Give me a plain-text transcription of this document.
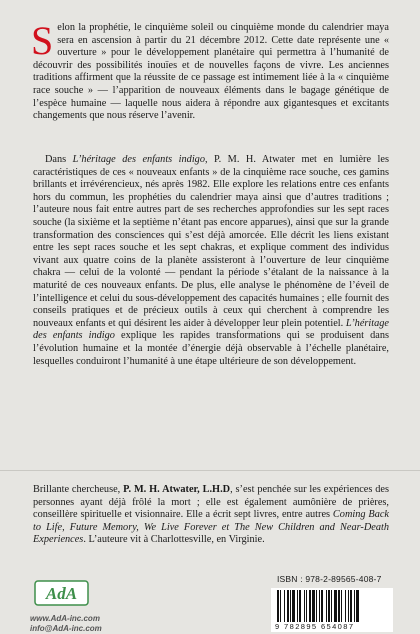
Selon la prophétie, le cinquième soleil ou cinquième monde du calendrier maya sera en ascension à partir du 21 décembre 2012. Cette date représente une « ouverture » pour le développement planétaire qui permettra à l’humanité de découvrir des possibilités inouïes et de nouvelles façons de vivre. Les anciennes traditions affirment que la réussite de ce passage est intimement liée à la « cinquième race souche » — l’apparition de nouveaux éléments dans le bagage génétique de l’espèce humaine — laquelle nous aidera à répondre aux gigantesques et excitants changements que nous réserve l’avenir.

Dans L’héritage des enfants indigo, P. M. H. Atwater met en lumière les caractéristiques de ces « nouveaux enfants » de la cinquième race souche, ces gamins brillants et irrévérencieux, nés après 1982. Elle explore les relations entre ces enfants hors du commun, les prophéties du calendrier maya ainsi que d’autres traditions ; l’auteure nous fait entre autres part de ses recherches approfondies sur les sept races souche (la sixième et la septième n’étant pas encore apparues), ainsi que sur la grande transformation des consciences qui s’est déjà amorcée. Elle décrit les liens existant entre les sept races souche et les sept chakras, et explique comment des individus vivant aux quatre coins de la planète assisteront à l’ouverture de leur cinquième chakra — celui de la volonté — pendant la période s’étalant de la naissance à la maturité de ces nouveaux enfants. De plus, elle analyse le phénomène de l’éveil de l’intelligence et celui du sous-développement des capacités humaines ; elle fournit des conseils pratiques et de précieux outils à ceux qui cherchent à comprendre les nouveaux enfants et qui désirent les aider à développer leur plein potentiel. L’héritage des enfants indigo explique les rapides transformations qui se produisent dans l’évolution humaine et la montée d’énergie déjà observable à l’échelle planétaire, lesquelles conduiront l’humanité à une étape ultérieure de son développement.

Brillante chercheuse, P. M. H. Atwater, L.H.D, s’est penchée sur les expériences des personnes ayant déjà frôlé la mort ; elle est également aumônière de prières, conseillère spirituelle et visionnaire. Elle a écrit sept livres, entre autres Coming Back to Life, Future Memory, We Live Forever et The New Children and Near-Death Experiences. L’auteure vit à Charlottesville, en Virginie.

AdA
www.AdA-inc.com
info@AdA-inc.com
ISBN : 978-2-89565-408-7
9 782895 654087
